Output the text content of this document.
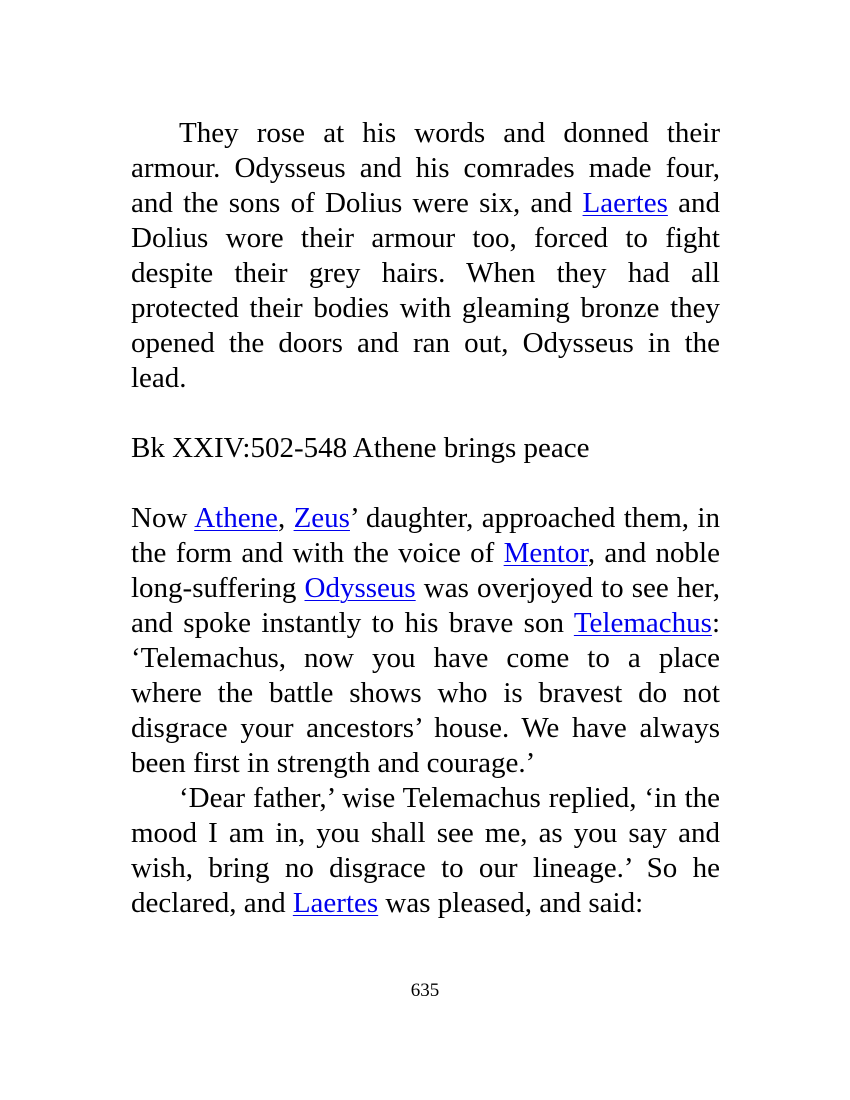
They rose at his words and donned their armour. Odysseus and his comrades made four, and the sons of Dolius were six, and Laertes and Dolius wore their armour too, forced to fight despite their grey hairs. When they had all protected their bodies with gleaming bronze they opened the doors and ran out, Odysseus in the lead.

Bk XXIV:502-548 Athene brings peace

Now Athene, Zeus’ daughter, approached them, in the form and with the voice of Mentor, and noble long-suffering Odysseus was overjoyed to see her, and spoke instantly to his brave son Telemachus: ‘Telemachus, now you have come to a place where the battle shows who is bravest do not disgrace your ancestors’ house. We have always been first in strength and courage.’

‘Dear father,’ wise Telemachus replied, ‘in the mood I am in, you shall see me, as you say and wish, bring no disgrace to our lineage.’ So he declared, and Laertes was pleased, and said:

635
